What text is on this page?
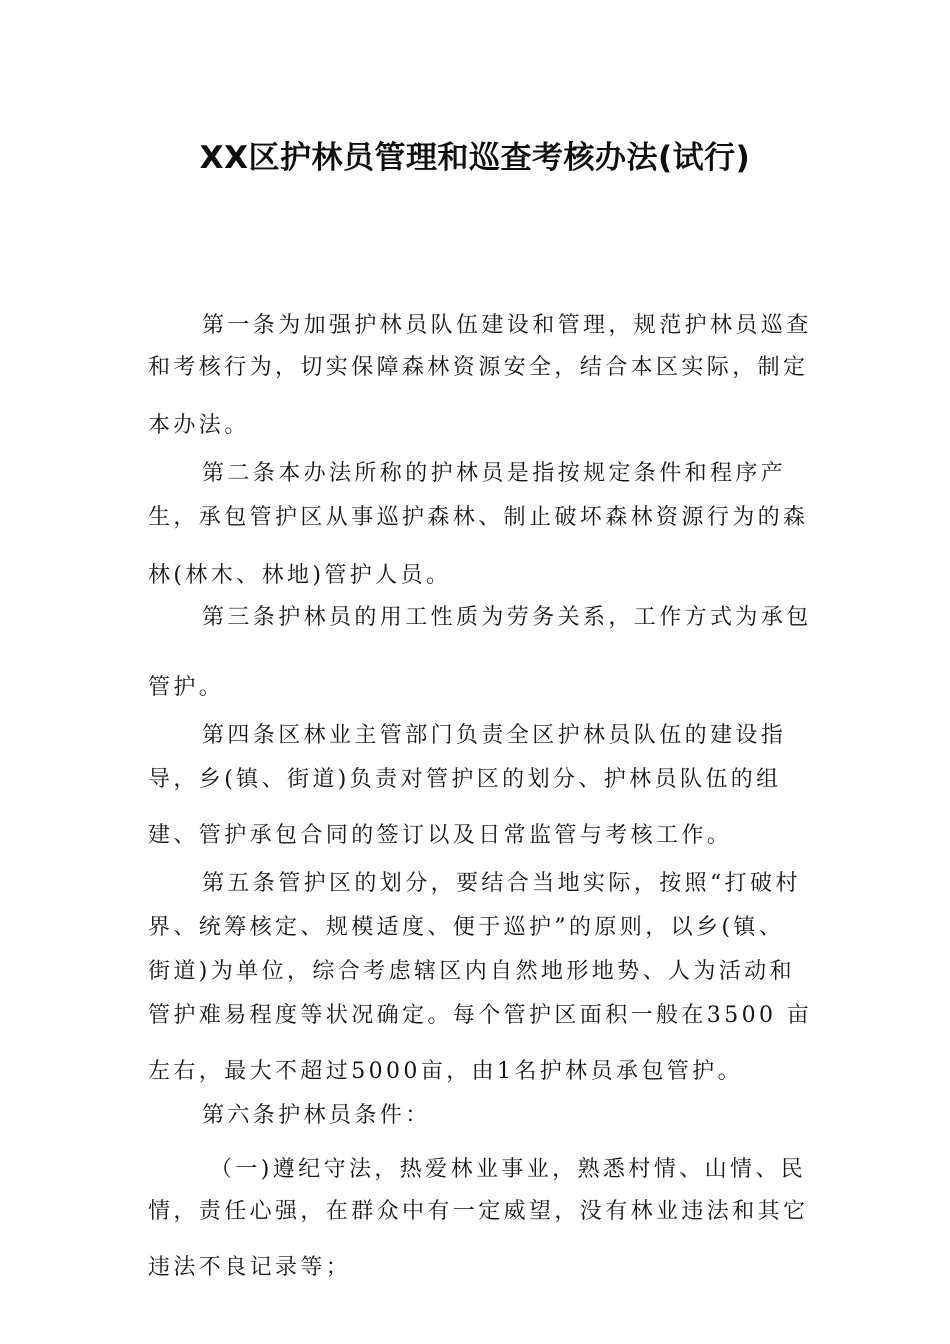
XX区护林员管理和巡查考核办法(试行)
第一条为加强护林员队伍建设和管理，规范护林员巡查
和考核行为，切实保障森林资源安全，结合本区实际，制定
本办法。
第二条本办法所称的护林员是指按规定条件和程序产
生，承包管护区从事巡护森林、制止破坏森林资源行为的森
林(林木、林地)管护人员。
第三条护林员的用工性质为劳务关系，工作方式为承包
管护。
第四条区林业主管部门负责全区护林员队伍的建设指
导，乡(镇、街道)负责对管护区的划分、护林员队伍的组
建、管护承包合同的签订以及日常监管与考核工作。
第五条管护区的划分，要结合当地实际，按照“打破村
界、统筹核定、规模适度、便于巡护”的原则，以乡(镇、
街道)为单位，综合考虑辖区内自然地形地势、人为活动和
管护难易程度等状况确定。每个管护区面积一般在3500 亩
左右，最大不超过5000亩，由1名护林员承包管护。
第六条护林员条件：
（一)遵纪守法，热爱林业事业，熟悉村情、山情、民
情，责任心强，在群众中有一定威望，没有林业违法和其它
违法不良记录等；
